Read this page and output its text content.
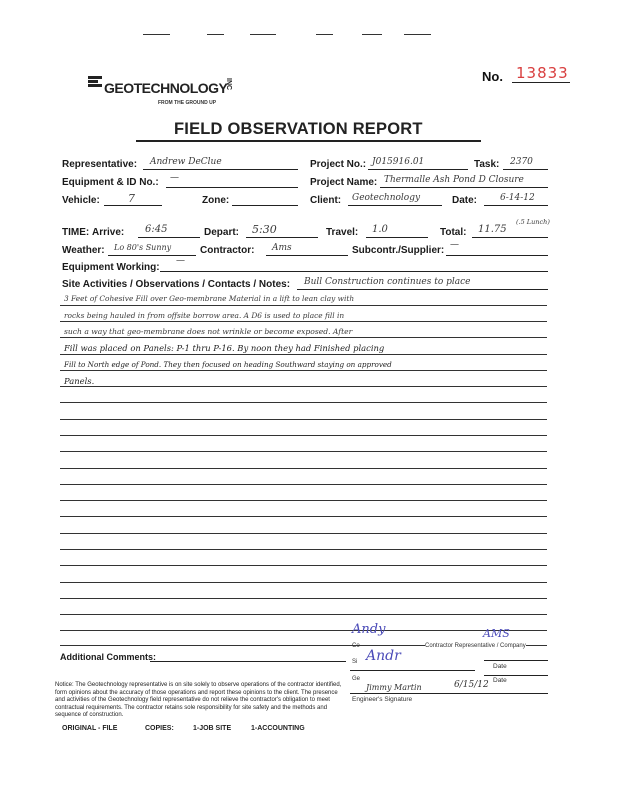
GEOTECHNOLOGY
INC
FROM THE GROUND UP
No. 13833
FIELD OBSERVATION REPORT
Representative: Andrew DeClue	Project No.: J015916.01	Task: 2370
Equipment & ID No.: —	Project Name: Thermalle Ash Pond D Closure
Vehicle:	7	Zone:	Client: Geotechnology	Date:	6-14-12
TIME: Arrive: 6:45	Depart: 5:30	Travel: 1.0	Total: 11.75
(.5 Lunch)
Weather: Lo 80's Sunny	Contractor: Ams	Subcontr./Supplier: —
Equipment Working:
—
Site Activities / Observations / Contacts / Notes: Bull Construction continues to place
3 Feet of Cohesive Fill over Geo-membrane Material in a lift to lean clay with
rocks being hauled in from offsite borrow area. A D6 is used to place fill in
such a way that geo-membrane does not wrinkle or become exposed. After
Fill was placed on Panels: P-1 thru P-16. By noon they had Finished placing
Fill to North edge of Pond. They then focused on heading Southward staying on approved
Panels.
Additional Comments:
Co	Contractor Representative / Company
Andy	AMS
Si Andr
Date
Ge
Jimmy Martin	6/15/12 Date
Engineer's Signature
Notice: The Geotechnology representative is on site solely to observe operations of the contractor identified, form opinions about the accuracy of those operations and report these opinions to the client. The presence and activities of the Geotechnology field representative do not relieve the contractor's obligation to meet contractual requirements. The contractor retains sole responsibility for site safety and the methods and sequence of construction.
ORIGINAL - FILE	COPIES:	1-JOB SITE	1-ACCOUNTING
